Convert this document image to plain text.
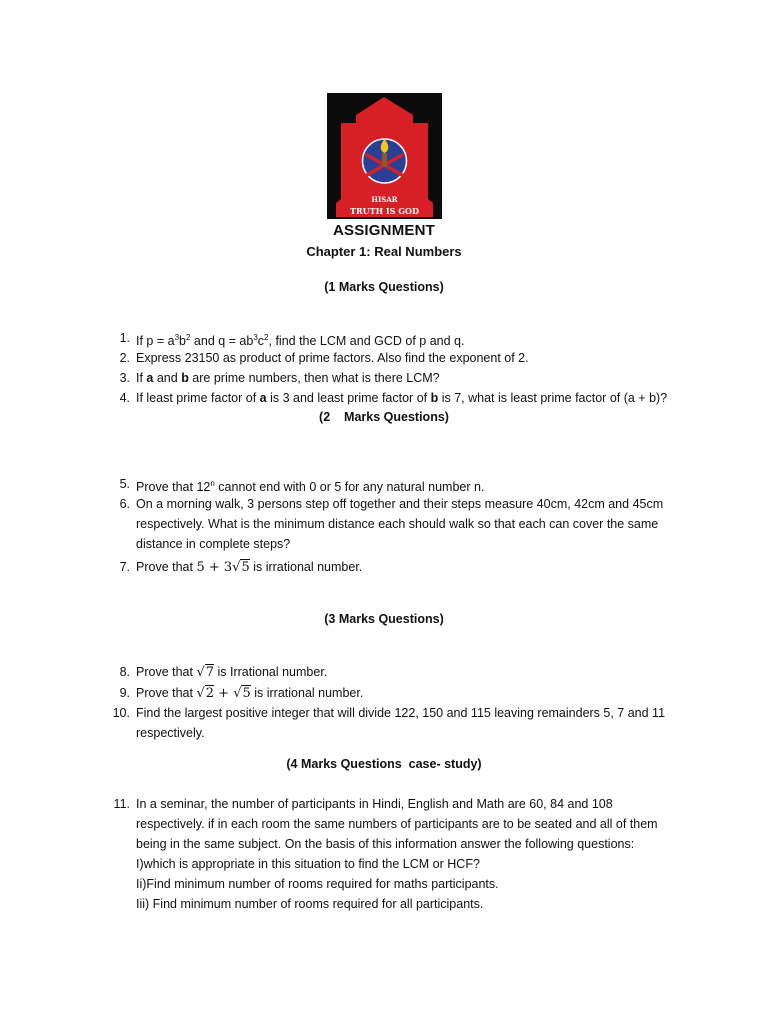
ARMY PUBLIC SCHOOL
HISAR
TRUTH IS GOD
ASSIGNMENT
Chapter 1: Real Numbers
(1 Marks Questions)
1. If $p = a^3b^2$ and $q = ab^3c^2$, find the LCM and GCD of p and q.
2. Express 23150 as product of prime factors. Also find the exponent of 2.
3. If a and b are prime numbers, then what is there LCM?
4. If least prime factor of a is 3 and least prime factor of b is 7, what is least prime factor of (a + b)?
(2    Marks Questions)
5. Prove that 12$^n$ cannot end with 0 or 5 for any natural number n.
6. On a morning walk, 3 persons step off together and their steps measure 40cm, 42cm and 45cm

respectively. What is the minimum distance each should walk so that each can cover the same

distance in complete steps?

7. Prove that 5 + 3√5 is irrational number.
(3 Marks Questions)
8. Prove that √7 is Irrational number.
9. Prove that √2 + √5 is irrational number.
10. Find the largest positive integer that will divide 122, 150 and 115 leaving remainders 5, 7 and 11

respectively.

(4 Marks Questions  case- study)
11. In a seminar, the number of participants in Hindi, English and Math are 60, 84 and 108

respectively. if in each room the same numbers of participants are to be seated and all of them

being in the same subject. On the basis of this information answer the following questions:

I)which is appropriate in this situation to find the LCM or HCF?

Ii)Find minimum number of rooms required for maths participants.

Iii) Find minimum number of rooms required for all participants.
